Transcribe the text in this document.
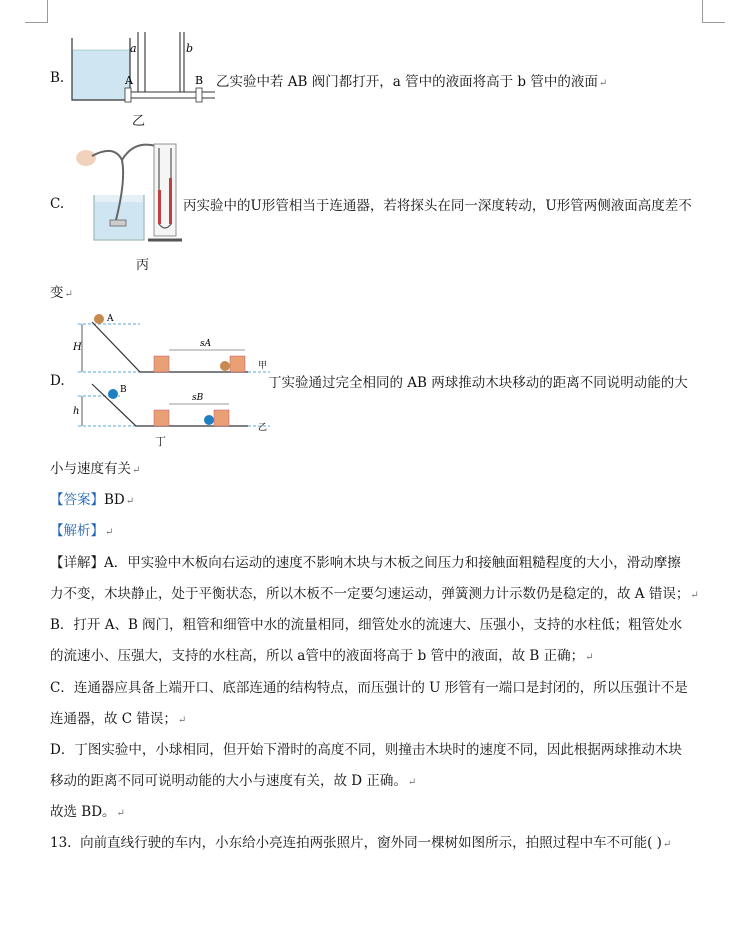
B.
a	b
A	B
乙
乙实验中若 AB 阀门都打开，a 管中的液面将高于 b 管中的液面↵
C.
丙
丙实验中的U形管相当于连通器，若将探头在同一深度转动，U形管两侧液面高度差不
变↵
D.
H
A
sA
甲
h
B
sB
乙
丁
丁实验通过完全相同的 AB 两球推动木块移动的距离不同说明动能的大
小与速度有关↵
【答案】BD↵
【解析】↵
【详解】A．甲实验中木板向右运动的速度不影响木块与木板之间压力和接触面粗糙程度的大小，滑动摩擦
力不变，木块静止，处于平衡状态，所以木板不一定要匀速运动，弹簧测力计示数仍是稳定的，故 A 错误；↵
B．打开 A、B 阀门，粗管和细管中水的流量相同，细管处水的流速大、压强小，支持的水柱低；粗管处水
的流速小、压强大，支持的水柱高，所以 a管中的液面将高于 b 管中的液面，故 B 正确；↵
C．连通器应具备上端开口、底部连通的结构特点，而压强计的 U 形管有一端口是封闭的，所以压强计不是
连通器，故 C 错误；↵
D．丁图实验中，小球相同，但开始下滑时的高度不同，则撞击木块时的速度不同，因此根据两球推动木块
移动的距离不同可说明动能的大小与速度有关，故 D 正确。↵
故选 BD。↵
13. 向前直线行驶的车内，小东给小亮连拍两张照片，窗外同一棵树如图所示，拍照过程中车不可能( )↵
